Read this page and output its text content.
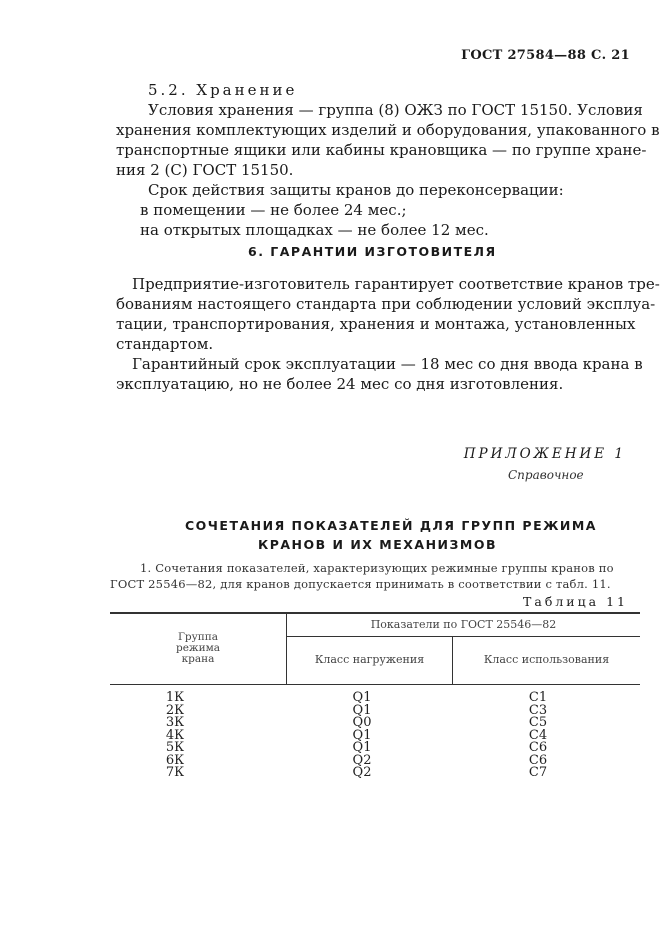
ГОСТ 27584—88 С. 21
5.2. Хранение
Условия хранения — группа (8) ОЖЗ по ГОСТ 15150. Условия
хранения комплектующих изделий и оборудования, упакованного в
транспортные ящики или кабины крановщика — по группе хране-
ния 2 (С) ГОСТ 15150.
Срок действия защиты кранов до переконсервации:
в помещении — не более 24 мес.;
на открытых площадках — не более 12 мес.
6. ГАРАНТИИ ИЗГОТОВИТЕЛЯ
Предприятие-изготовитель гарантирует соответствие кранов тре-
бованиям настоящего стандарта при соблюдении условий эксплуа-
тации, транспортирования, хранения и монтажа, установленных
стандартом.
Гарантийный срок эксплуатации — 18 мес со дня ввода крана в
эксплуатацию, но не более 24 мес со дня изготовления.
ПРИЛОЖЕНИЕ 1
Справочное
СОЧЕТАНИЯ ПОКАЗАТЕЛЕЙ ДЛЯ ГРУПП РЕЖИМА
КРАНОВ И ИХ МЕХАНИЗМОВ
1. Сочетания показателей, характеризующих режимные группы кранов по
ГОСТ 25546—82, для кранов допускается принимать в соответствии с табл. 11.
Таблица 11
Группа
режима
крана
Показатели по ГОСТ 25546—82
Класс нагружения	Класс использования
1К
2К
3К
4К
5К
6К
7К
Q1
Q1
Q0
Q1
Q1
Q2
Q2
C1
C3
C5
C4
C6
C6
C7
